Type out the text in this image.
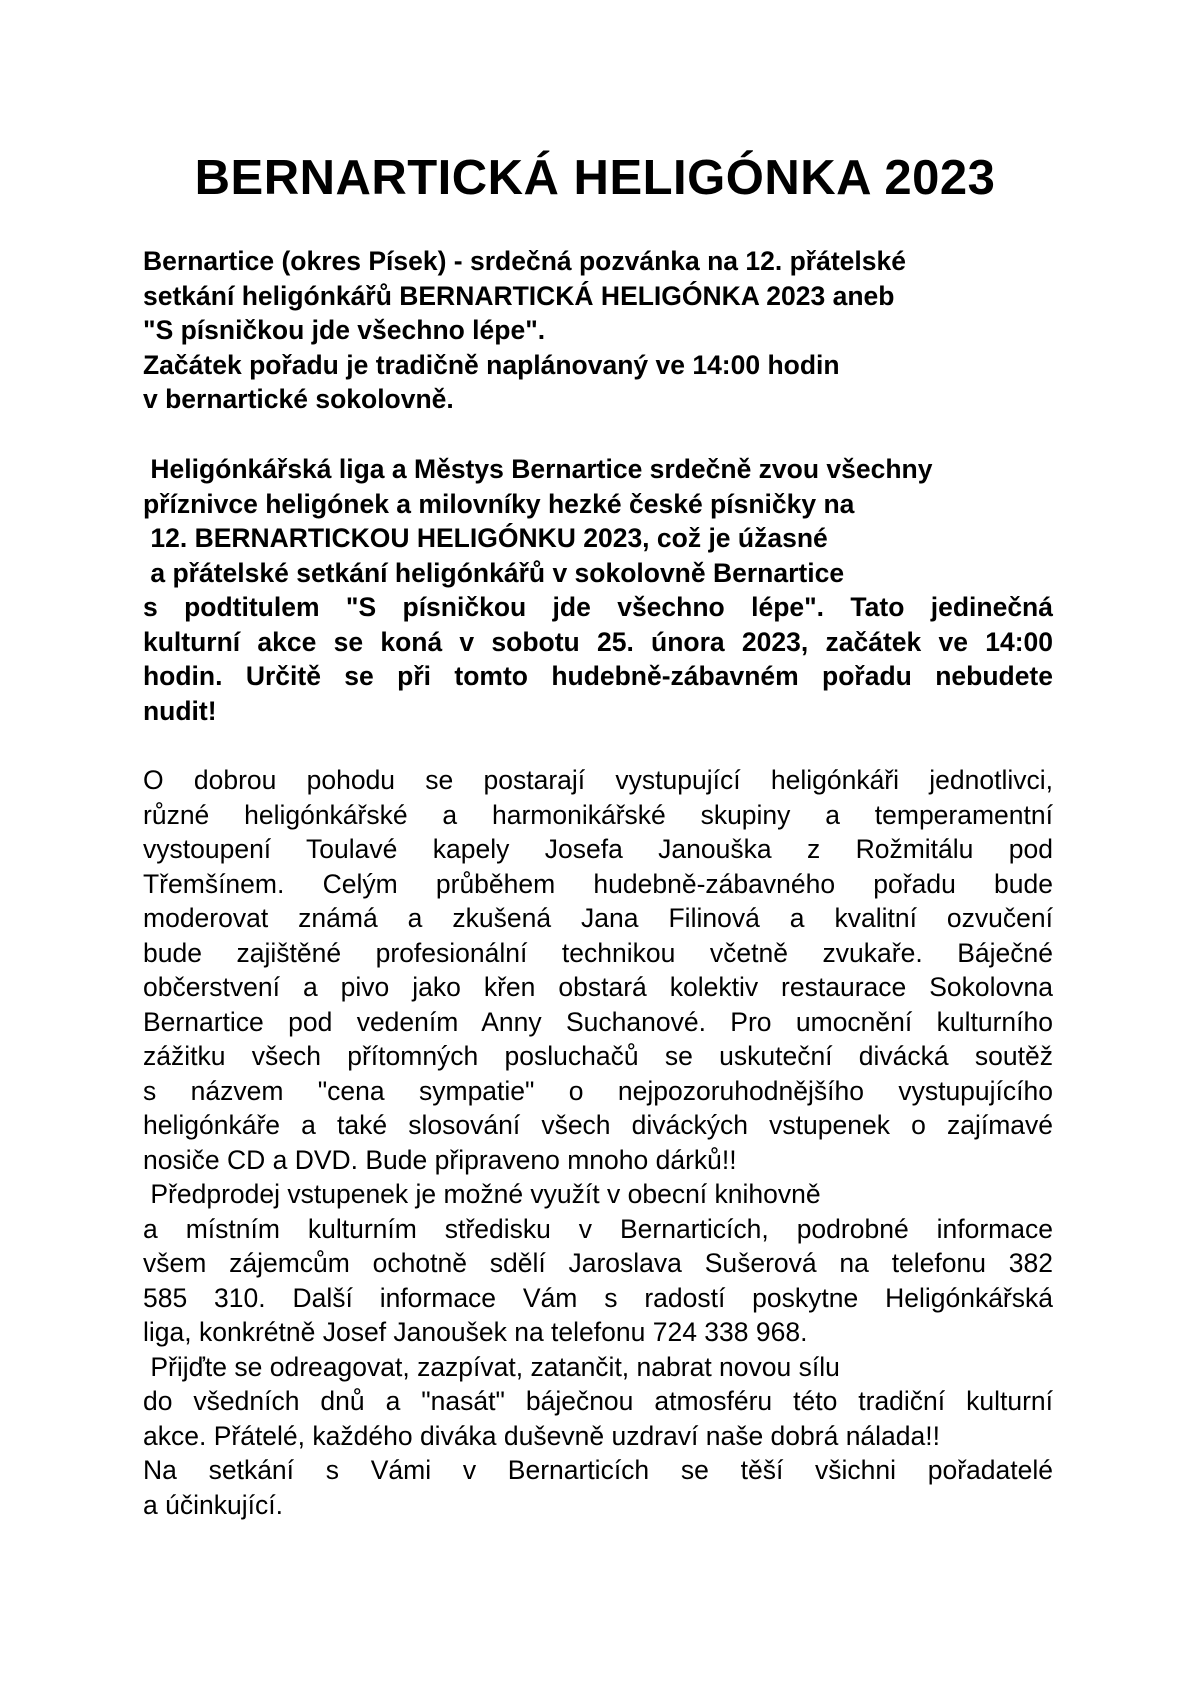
BERNARTICKÁ HELIGÓNKA 2023
Bernartice (okres Písek) - srdečná pozvánka na 12. přátelské
setkání heligónkářů BERNARTICKÁ HELIGÓNKA 2023 aneb
"S písničkou jde všechno lépe".
Začátek pořadu je tradičně naplánovaný ve 14:00 hodin
v bernartické sokolovně.
Heligónkářská liga a Městys Bernartice srdečně zvou všechny
příznivce heligónek a milovníky hezké české písničky na
12. BERNARTICKOU HELIGÓNKU 2023, což je úžasné
a přátelské setkání heligónkářů v sokolovně Bernartice
s podtitulem "S písničkou jde všechno lépe". Tato jedinečná
kulturní akce se koná v sobotu 25. února 2023, začátek ve 14:00
hodin. Určitě se při tomto hudebně-zábavném pořadu nebudete
nudit!
O dobrou pohodu se postarají vystupující heligónkáři jednotlivci,
různé heligónkářské a harmonikářské skupiny a temperamentní
vystoupení Toulavé kapely Josefa Janouška z Rožmitálu pod
Třemšínem. Celým průběhem hudebně-zábavného pořadu bude
moderovat známá a zkušená Jana Filinová a kvalitní ozvučení
bude zajištěné profesionální technikou včetně zvukaře. Báječné
občerstvení a pivo jako křen obstará kolektiv restaurace Sokolovna
Bernartice pod vedením Anny Suchanové. Pro umocnění kulturního
zážitku všech přítomných posluchačů se uskuteční divácká soutěž
s názvem "cena sympatie" o nejpozoruhodnějšího vystupujícího
heligónkáře a také slosování všech diváckých vstupenek o zajímavé
nosiče CD a DVD. Bude připraveno mnoho dárků!!
Předprodej vstupenek je možné využít v obecní knihovně
a místním kulturním středisku v Bernarticích, podrobné informace
všem zájemcům ochotně sdělí Jaroslava Sušerová na telefonu 382
585 310. Další informace Vám s radostí poskytne Heligónkářská
liga, konkrétně Josef Janoušek na telefonu 724 338 968.
Přijďte se odreagovat, zazpívat, zatančit, nabrat novou sílu
do všedních dnů a "nasát" báječnou atmosféru této tradiční kulturní
akce. Přátelé, každého diváka duševně uzdraví naše dobrá nálada!!
Na setkání s Vámi v Bernarticích se těší všichni pořadatelé
a účinkující.
